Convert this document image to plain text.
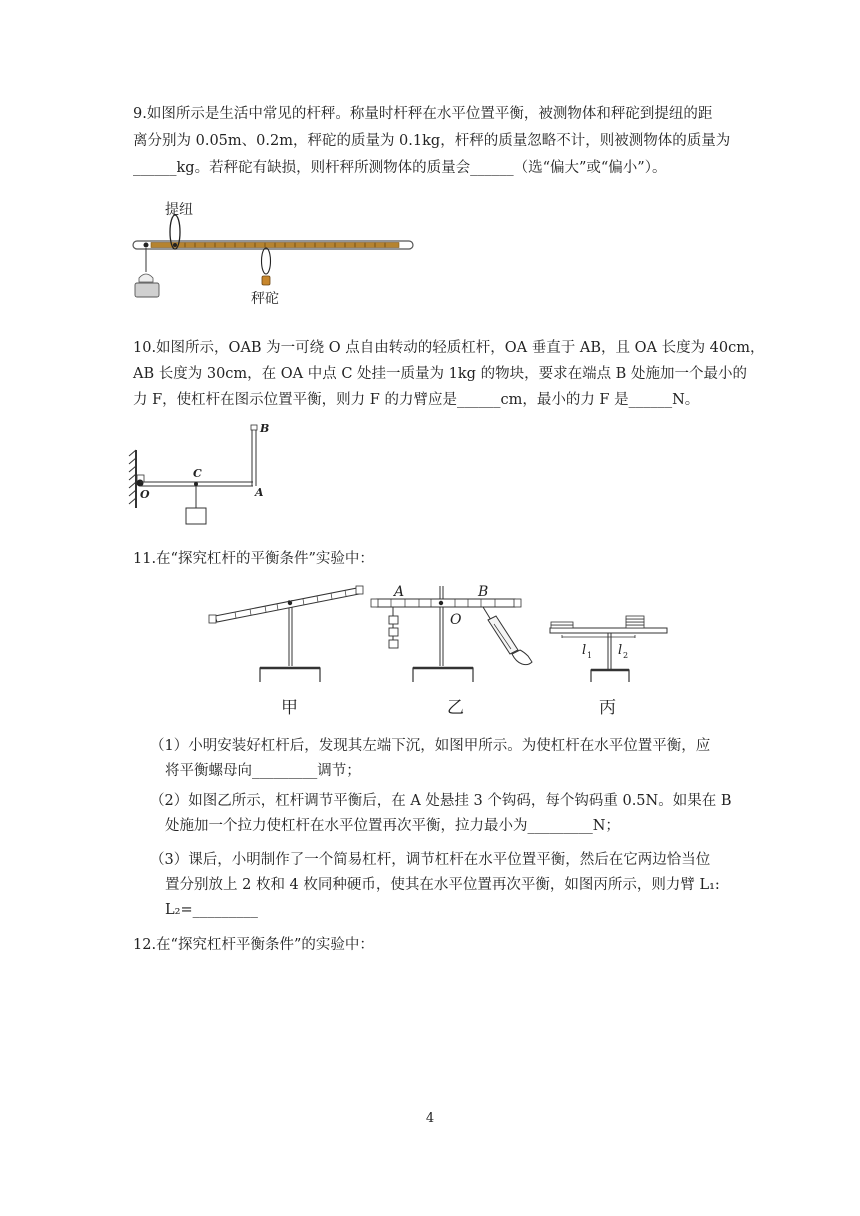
9.如图所示是生活中常见的杆秤。称量时杆秤在水平位置平衡，被测物体和秤砣到提纽的距
离分别为 0.05m、0.2m，秤砣的质量为 0.1kg，杆秤的质量忽略不计，则被测物体的质量为
______kg。若秤砣有缺损，则杆秤所测物体的质量会______（选“偏大”或“偏小”）。
提纽
秤砣
10.如图所示，OAB 为一可绕 O 点自由转动的轻质杠杆，OA 垂直于 AB，且 OA 长度为 40cm，
AB 长度为 30cm，在 OA 中点 C 处挂一质量为 1kg 的物块，要求在端点 B 处施加一个最小的
力 F，使杠杆在图示位置平衡，则力 F 的力臂应是______cm，最小的力 F 是______N。
O
C
A
B
11.在“探究杠杆的平衡条件”实验中：
甲
A	B
O
乙
l 1 l 2
丙
（1）小明安装好杠杆后，发现其左端下沉，如图甲所示。为使杠杆在水平位置平衡，应
将平衡螺母向_________调节；
（2）如图乙所示，杠杆调节平衡后，在 A 处悬挂 3 个钩码，每个钩码重 0.5N。如果在 B
处施加一个拉力使杠杆在水平位置再次平衡，拉力最小为_________N；
（3）课后，小明制作了一个简易杠杆，调节杠杆在水平位置平衡，然后在它两边恰当位
置分别放上 2 枚和 4 枚同种硬币，使其在水平位置再次平衡，如图丙所示，则力臂 L₁:
L₂=_________
12.在“探究杠杆平衡条件”的实验中：
4
